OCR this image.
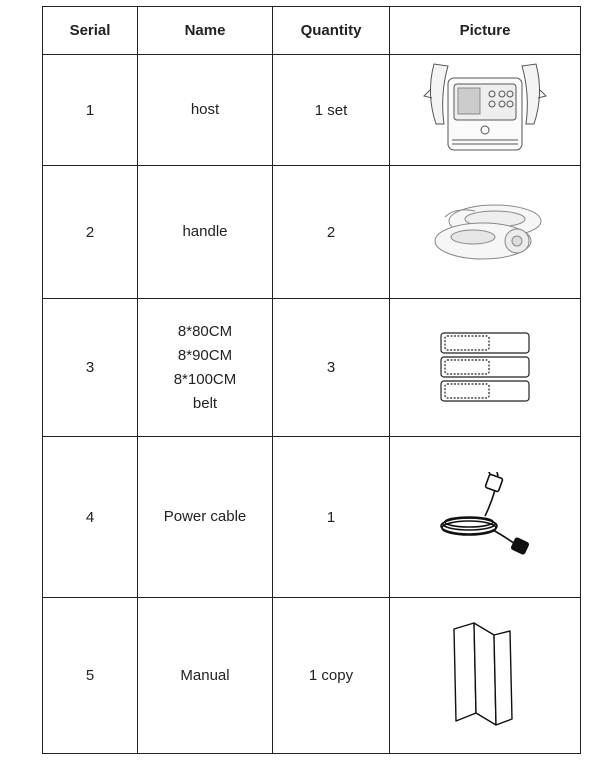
Serial	Name	Quantity	Picture
1	host	1 set	

2	handle	2	

3	8*80CM
8*90CM
8*100CM
belt	3	

4	Power cable	1	

5	Manual	1 copy	
